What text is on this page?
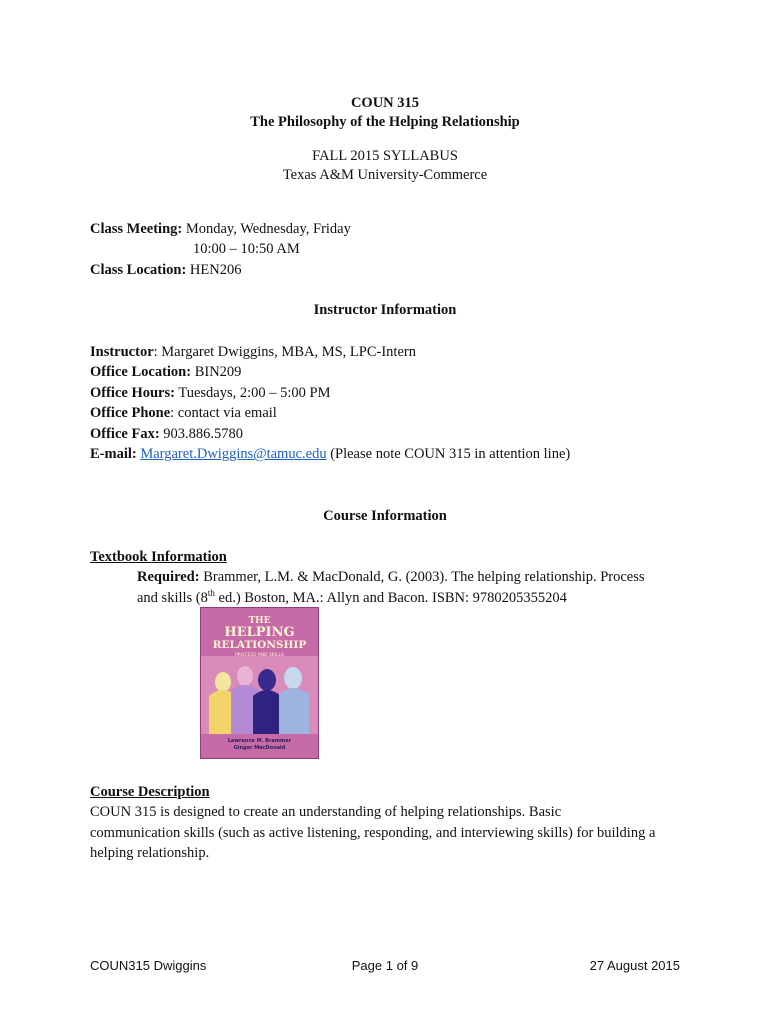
COUN 315
The Philosophy of the Helping Relationship
FALL 2015 SYLLABUS
Texas A&M University-Commerce
Class Meeting: Monday, Wednesday, Friday
10:00 – 10:50 AM
Class Location: HEN206
Instructor Information
Instructor: Margaret Dwiggins, MBA, MS, LPC-Intern
Office Location: BIN209
Office Hours: Tuesdays, 2:00 – 5:00 PM
Office Phone: contact via email
Office Fax: 903.886.5780
E-mail: Margaret.Dwiggins@tamuc.edu (Please note COUN 315 in attention line)
Course Information
Textbook Information
Required: Brammer, L.M. & MacDonald, G. (2003). The helping relationship. Process
and skills (8th ed.) Boston, MA.: Allyn and Bacon. ISBN: 9780205355204
THE
HELPING
RELATIONSHIP
PROCESS AND SKILLS
Lawrence M. Brammer
Ginger MacDonald
Course Description
COUN 315 is designed to create an understanding of helping relationships. Basic
communication skills (such as active listening, responding, and interviewing skills) for building a
helping relationship.
COUN315 Dwiggins	Page 1 of 9	27 August 2015
